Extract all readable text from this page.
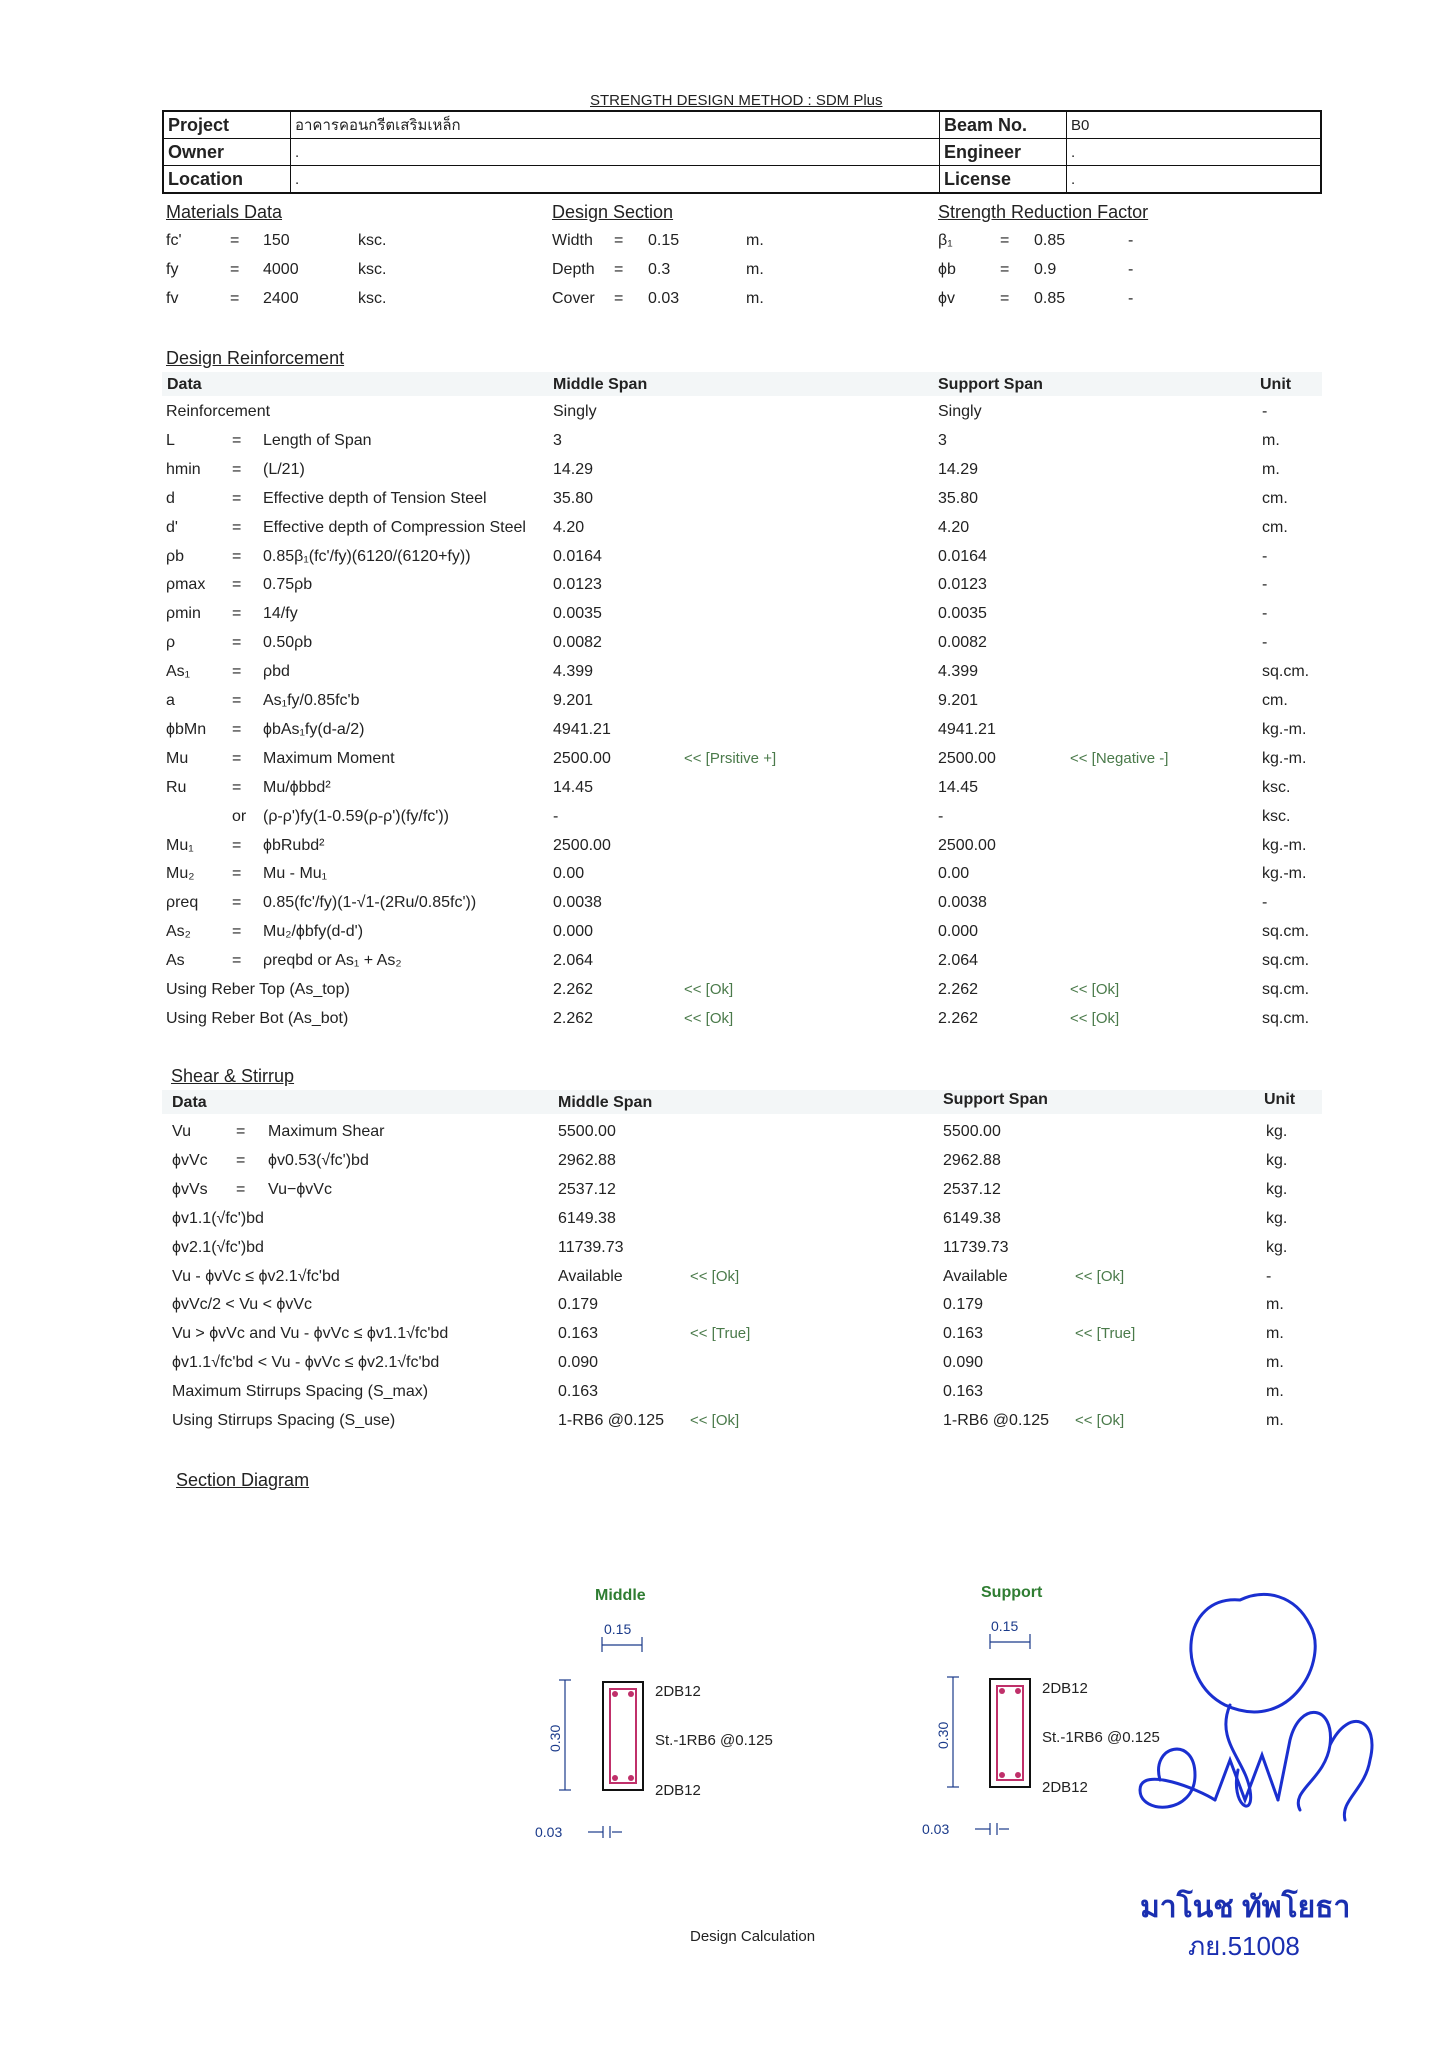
STRENGTH DESIGN METHOD : SDM Plus
Project	อาคารคอนกรีตเสริมเหล็ก	Beam No.	B0
Owner	.	Engineer	.
Location	.	License	.
Materials Data	Design Section	Strength Reduction Factor
fc'	= 150	ksc.
fy	= 4000	ksc.
fv	= 2400	ksc.
Width = 0.15	m.
Depth = 0.3	m.
Cover = 0.03	m.
β₁	= 0.85	-
ϕb	= 0.9	-
ϕv	= 0.85	-
Design Reinforcement
Data	Middle Span	Support Span	Unit
Reinforcement	Singly	Singly	-
L	= Length of Span	3	3	m.
hmin = (L/21)	14.29	14.29	m.
d	= Effective depth of Tension Steel	35.80	35.80	cm.
d'	= Effective depth of Compression Steel 4.20	4.20	cm.
ρb	= 0.85β₁(fc'/fy)(6120/(6120+fy))	0.0164	0.0164	-
ρmax = 0.75ρb	0.0123	0.0123	-
ρmin = 14/fy	0.0035	0.0035	-
ρ	= 0.50ρb	0.0082	0.0082	-
As₁	= ρbd	4.399	4.399	sq.cm.
a	= As₁fy/0.85fc'b	9.201	9.201	cm.
ϕbMn = ϕbAs₁fy(d-a/2)	4941.21	4941.21	kg.-m.
Mu	= Maximum Moment	2500.00	<< [Prsitive +]	2500.00	<< [Negative -]	kg.-m.
Ru	= Mu/ϕbbd²	14.45	14.45	ksc.
or (ρ-ρ')fy(1-0.59(ρ-ρ')(fy/fc'))	-	-	ksc.
Mu₁ = ϕbRubd²	2500.00	2500.00	kg.-m.
Mu₂ = Mu - Mu₁	0.00	0.00	kg.-m.
ρreq = 0.85(fc'/fy)(1-√1-(2Ru/0.85fc'))	0.0038	0.0038	-
As₂	= Mu₂/ϕbfy(d-d')	0.000	0.000	sq.cm.
As	= ρreqbd or As₁ + As₂	2.064	2.064	sq.cm.
Using Reber Top (As_top)	2.262	<< [Ok]	2.262	<< [Ok]	sq.cm.
Using Reber Bot (As_bot)	2.262	<< [Ok]	2.262	<< [Ok]	sq.cm.
Shear & Stirrup
Data	Middle Span	Support Span	Unit
Vu	= Maximum Shear	5500.00	5500.00	kg.
ϕvVc = ϕv0.53(√fc')bd	2962.88	2962.88	kg.
ϕvVs = Vu−ϕvVc	2537.12	2537.12	kg.
ϕv1.1(√fc')bd	6149.38	6149.38	kg.
ϕv2.1(√fc')bd	11739.73	11739.73	kg.
Vu - ϕvVc ≤ ϕv2.1√fc'bd	Available	<< [Ok]	Available	<< [Ok]	-
ϕvVc/2 < Vu < ϕvVc	0.179	0.179	m.
Vu > ϕvVc and Vu - ϕvVc ≤ ϕv1.1√fc'bd	0.163	<< [True]	0.163	<< [True]	m.
ϕv1.1√fc'bd < Vu - ϕvVc ≤ ϕv2.1√fc'bd	0.090	0.090	m.
Maximum Stirrups Spacing (S_max)	0.163	0.163	m.
Using Stirrups Spacing (S_use)	1-RB6 @0.125 << [Ok]	1-RB6 @0.125 << [Ok]	m.
Section Diagram
Middle
0.15
0.30
2DB12
St.-1RB6 @0.125
2DB12
0.03
Support
0.15
0.30
2DB12
St.-1RB6 @0.125
2DB12
0.03
มาโนช ทัพโยธา
ภย.51008
Design Calculation
